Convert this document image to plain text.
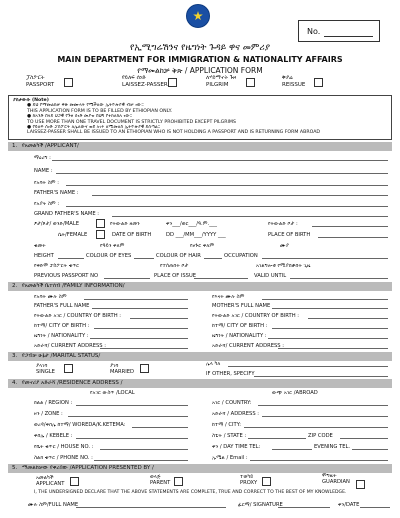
No.
የኢሚግሬሽንና የዜግነት ጉዳይ ዋና መምሪያ
MAIN DEPARTMENT FOR IMMIGRATION & NATIONALITY AFFAIRS
የማመልከቻ ቅጽ / APPLICATION FORM
ፓስፖርት
PASSPORT
የይለፍ ሰነድ
LAISSEZ-PASSER
ለሃይማኖት ጉዞ
PILGRIM
ቅያሬ
REISSUE
ያስታውሱ (Note)
● ይህ የማመልከቻ ቅጽ መሙላት የሚችለው ኢትዮጵያዊ ብቻ ነው።
THIS APPLICATION FORM IS TO BE FILLED BY ETHIOPIAN ONLY.
● ከአንድ በላይ ህጋዊ የጉዞ ሰነድ መያዝ በህግ የተከለከለ ነው።
TO USE MORE THAN ONE TRAVEL DOCUMENT IS STRICTLY PROHIBITED EXCEPT PILGRIMS
● የይለፍ ሰነድ ፓስፖርት ለሌለውና ወደ አገሩ ለሚመለስ ኢትዮጵያዊ ይሰጣል።
LAISSEZ-PASSER SHALL BE ISSUED TO AN ETHIOPIAN WHO IS NOT HOLDING A PASSPORT AND IS RETURNING FORM ABROAD
1. የአመልካች /APPLICANT/
ማዕረግ :
NAME :
የአባት ስም :
FATHER'S NAME :
የአያት ስም :
GRAND FATHER'S NAME :
ፆታ/ጾታ/ ወንድ/MALE	የትውልድ ዘመን	ቀን___/ወር___/ዓ.ም.___	የትውልድ ቦታ :
ሴት/FEMALE	DATE OF BIRTH	DD ___/MM___/YYYY ___	PLACE OF BIRTH
ቁመት	የዓይን ቀለም	የፀጉር ቀለም	ሙያ
HEIGHT	COLOUR OF EYES	COLOUR OF HAIR	OCCUPATION
የቀድሞ ፓስፖርት ቁጥር	የተሰጠበት ቦታ	አገልግሎቱ የሚያበቃበት ጊዜ
PREVIOUS PASSPORT NO	PLACE OF ISSUE	VALID UNTIL
2. የአመልካች ቤተሰብ /FAMILY INFORMATION/
የአባት ሙሉ ስም	የእናት ሙሉ ስም
FATHER'S FULL NAME	MOTHER'S FULL NAME
የትውልድ አገር / COUNTRY OF BIRTH :	የትውልድ አገር / COUNTRY OF BIRTH :
ከተማ/ CITY OF BIRTH :	ከተማ/ CITY OF BIRTH :
ዜግነት / NATIONALITY :	ዜግነት / NATIONALITY :
አድራሻ/ CURRENT ADDRESS :	አድራሻ/ CURRENT ADDRESS :
3. የጋብቻ ሁኔታ /MARITAL STATUS/
ያላገባ
SINGLE
ያገባ
MARRIED
ሌላ ካለ
IF OTHER, SPECIFY
4. የመኖሪያ አድራሻ /RESIDENCE ADDRESS /
የአገር ውስጥ /LOCAL	ውጭ አገር /ABROAD
ክልል / REGION :	አገር / COUNTRY:
ዞን / ZONE :	አድራሻ / ADDRESS :
ወረዳ/ቀበሌ ከተማ/ WOREDA/K.KETEMA:	ከተማ / CITY:
ቀበሌ / KEBELE :	ስቴት / STATE :	ZIP CODE
የቤት ቁጥር / HOUSE NO. :	ቀን / DAY TIME TEL:	EVENING TEL.
ስልክ ቁጥር / PHONE NO. :	ኢሜል / Email :
5. ማመልከቻው የቀረበው /APPLICATION PRESENTED BY /
አመልካች
APPLICANT
ወላጅ
PARENT
ተወካይ
PROXY
ሞግዚት
GUARDIAN
I, THE UNDERSIGNED DECLARE THAT THE ABOVE STATEMENTS ARE COMPLETE, TRUE AND CORRECT TO THE BEST OF MY KNOWLEDGE.
ሙሉ ስም/FULL NAME	ፊርማ/ SIGNATURE	ቀን/DATE
